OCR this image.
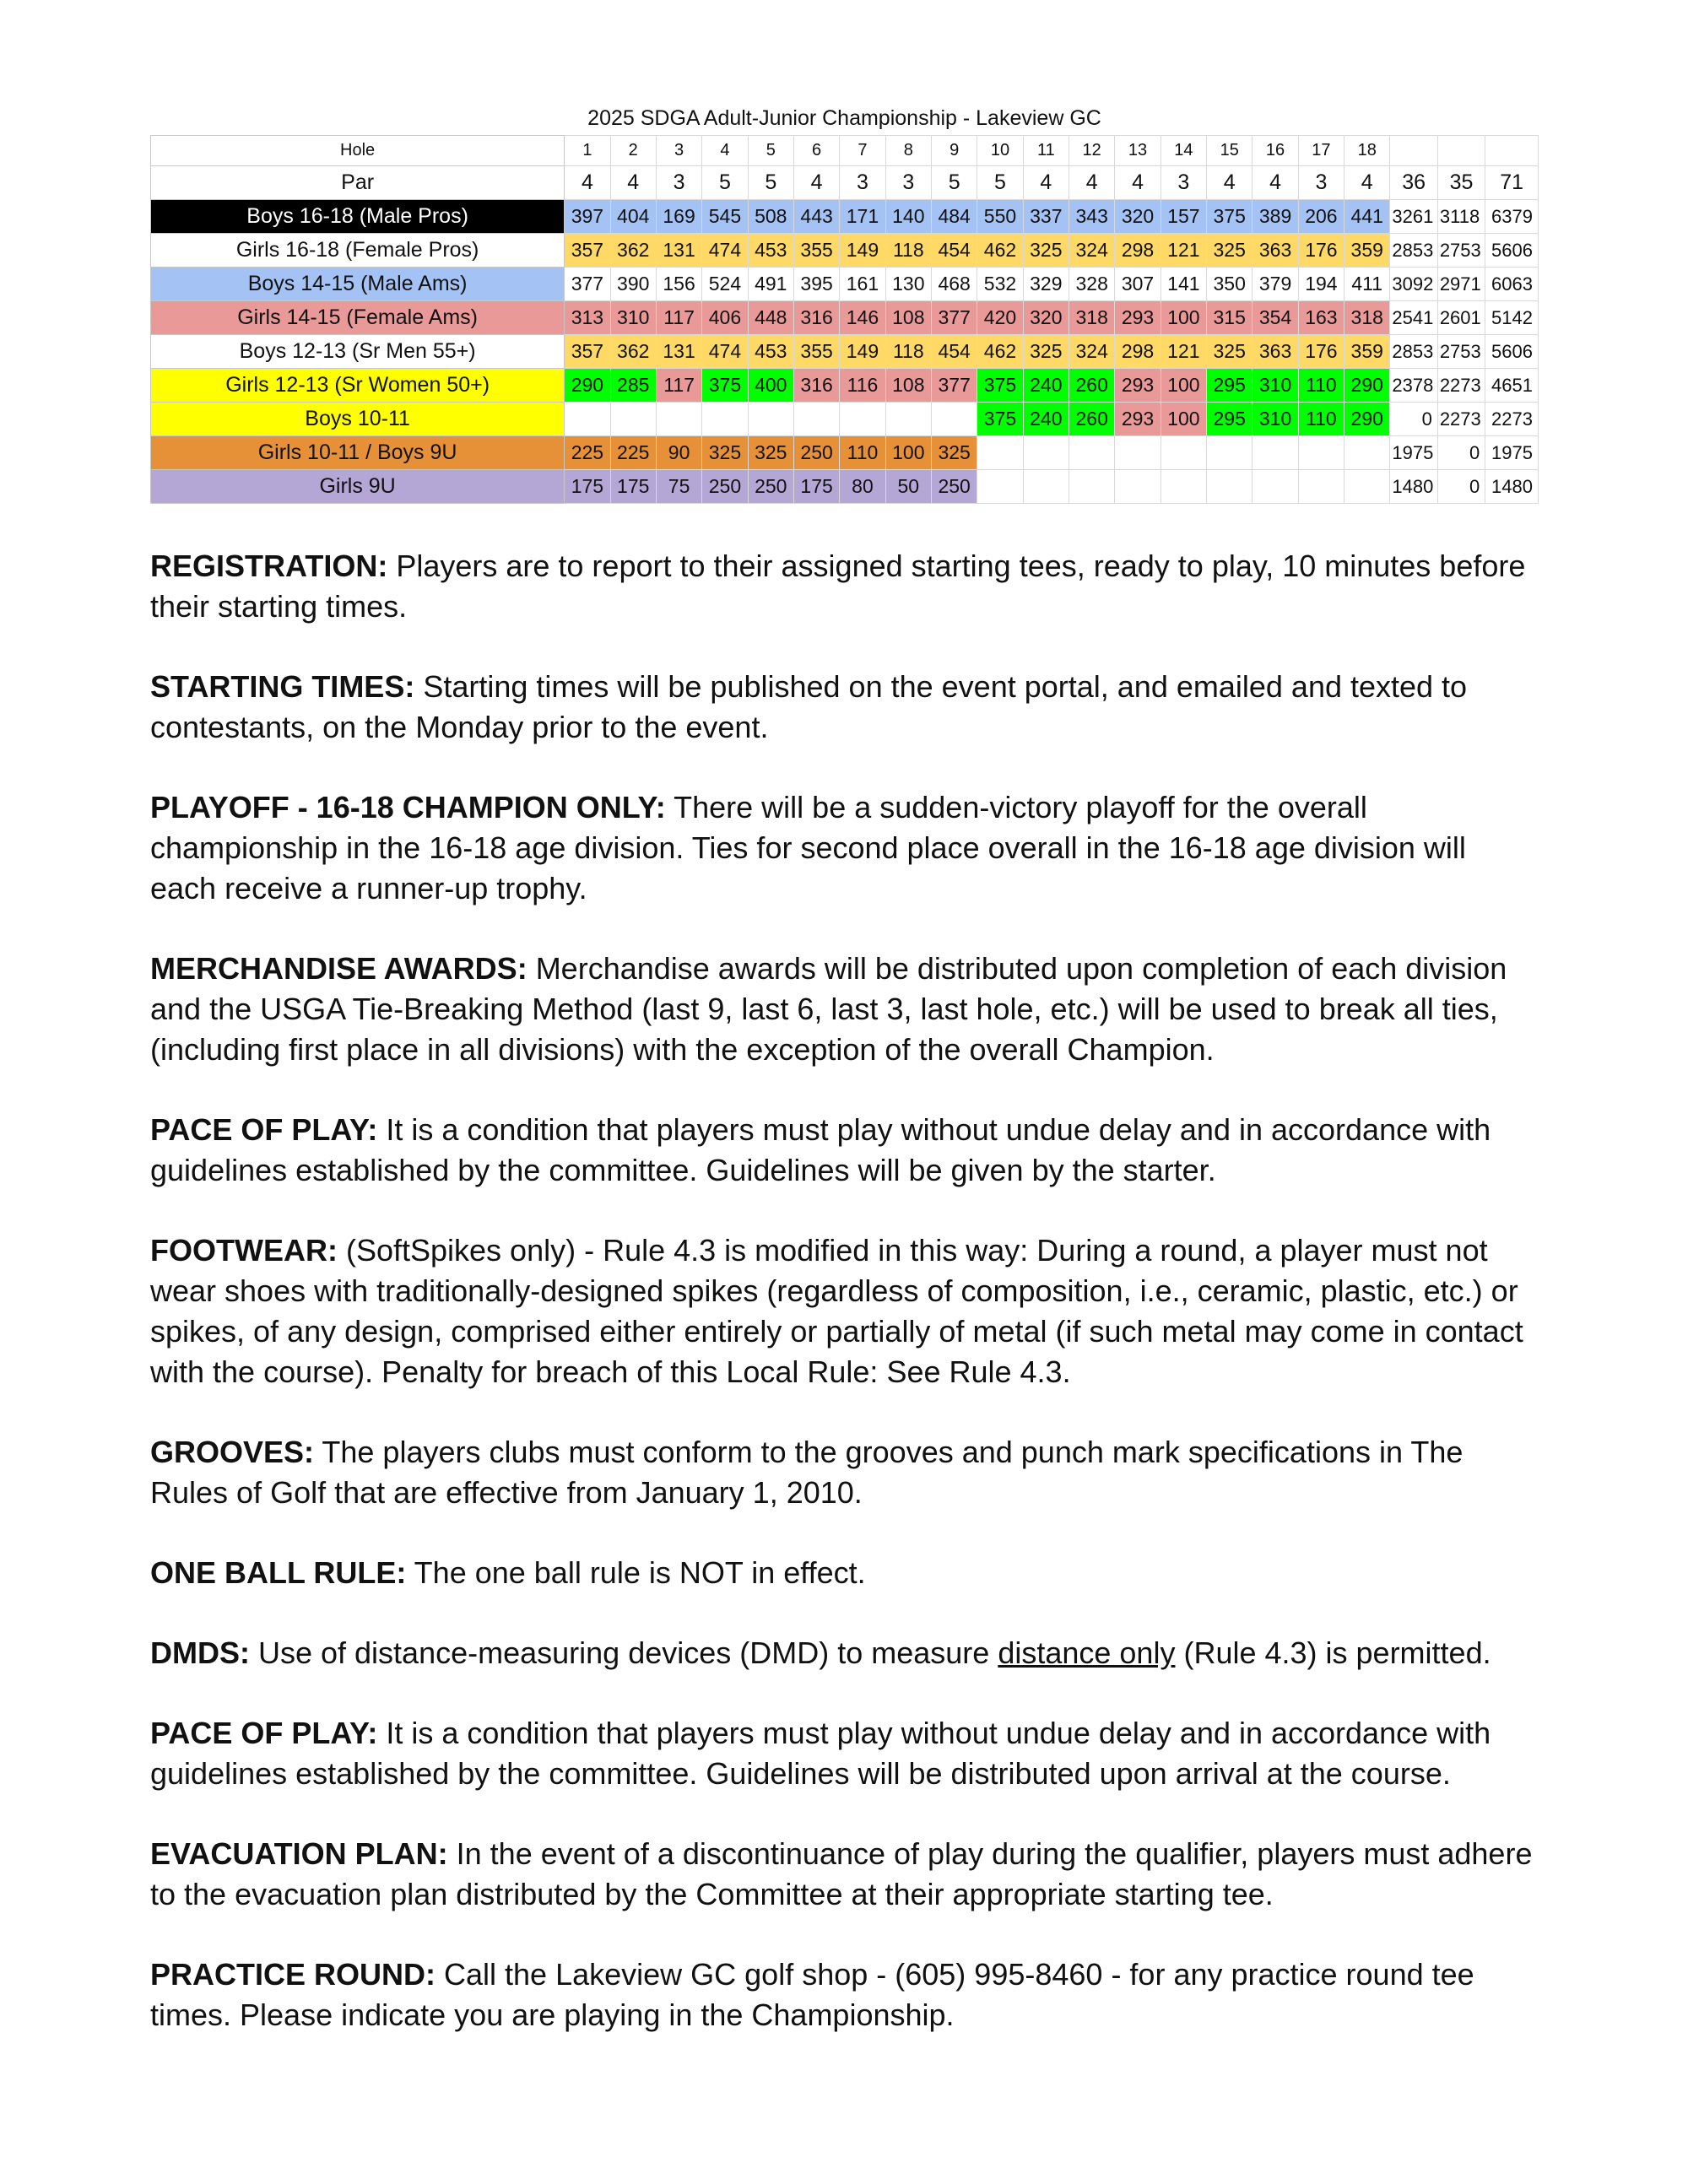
2025 SDGA Adult-Junior Championship - Lakeview GC
Hole	1	2	3	4	5	6	7	8	9	10	11	12	13	14	15	16	17	18			
Par	4	4	3	5	5	4	3	3	5	5	4	4	4	3	4	4	3	4	36	35	71
Boys 16-18 (Male Pros)	397	404	169	545	508	443	171	140	484	550	337	343	320	157	375	389	206	441	3261	3118	6379
Girls 16-18 (Female Pros)	357	362	131	474	453	355	149	118	454	462	325	324	298	121	325	363	176	359	2853	2753	5606
Boys 14-15 (Male Ams)	377	390	156	524	491	395	161	130	468	532	329	328	307	141	350	379	194	411	3092	2971	6063
Girls 14-15 (Female Ams)	313	310	117	406	448	316	146	108	377	420	320	318	293	100	315	354	163	318	2541	2601	5142
Boys 12-13 (Sr Men 55+)	357	362	131	474	453	355	149	118	454	462	325	324	298	121	325	363	176	359	2853	2753	5606
Girls 12-13 (Sr Women 50+)	290	285	117	375	400	316	116	108	377	375	240	260	293	100	295	310	110	290	2378	2273	4651
Boys 10-11										375	240	260	293	100	295	310	110	290	0	2273	2273
Girls 10-11 / Boys 9U	225	225	90	325	325	250	110	100	325										1975	0	1975
Girls 9U	175	175	75	250	250	175	80	50	250										1480	0	1480

REGISTRATION: Players are to report to their assigned starting tees, ready to play, 10 minutes before their starting times.

STARTING TIMES: Starting times will be published on the event portal, and emailed and texted to contestants, on the Monday prior to the event.

PLAYOFF - 16-18 CHAMPION ONLY: There will be a sudden-victory playoff for the overall championship in the 16-18 age division. Ties for second place overall in the 16-18 age division will each receive a runner-up trophy.

MERCHANDISE AWARDS: Merchandise awards will be distributed upon completion of each division and the USGA Tie-Breaking Method (last 9, last 6, last 3, last hole, etc.) will be used to break all ties, (including first place in all divisions) with the exception of the overall Champion.

PACE OF PLAY: It is a condition that players must play without undue delay and in accordance with guidelines established by the committee. Guidelines will be given by the starter.

FOOTWEAR: (SoftSpikes only) - Rule 4.3 is modified in this way: During a round, a player must not wear shoes with traditionally-designed spikes (regardless of composition, i.e., ceramic, plastic, etc.) or spikes, of any design, comprised either entirely or partially of metal (if such metal may come in contact with the course). Penalty for breach of this Local Rule: See Rule 4.3.

GROOVES: The players clubs must conform to the grooves and punch mark specifications in The Rules of Golf that are effective from January 1, 2010.

ONE BALL RULE: The one ball rule is NOT in effect.

DMDS: Use of distance-measuring devices (DMD) to measure distance only (Rule 4.3) is permitted.

PACE OF PLAY: It is a condition that players must play without undue delay and in accordance with guidelines established by the committee. Guidelines will be distributed upon arrival at the course.

EVACUATION PLAN: In the event of a discontinuance of play during the qualifier, players must adhere to the evacuation plan distributed by the Committee at their appropriate starting tee.

PRACTICE ROUND: Call the Lakeview GC golf shop - (605) 995-8460 - for any practice round tee times. Please indicate you are playing in the Championship.
